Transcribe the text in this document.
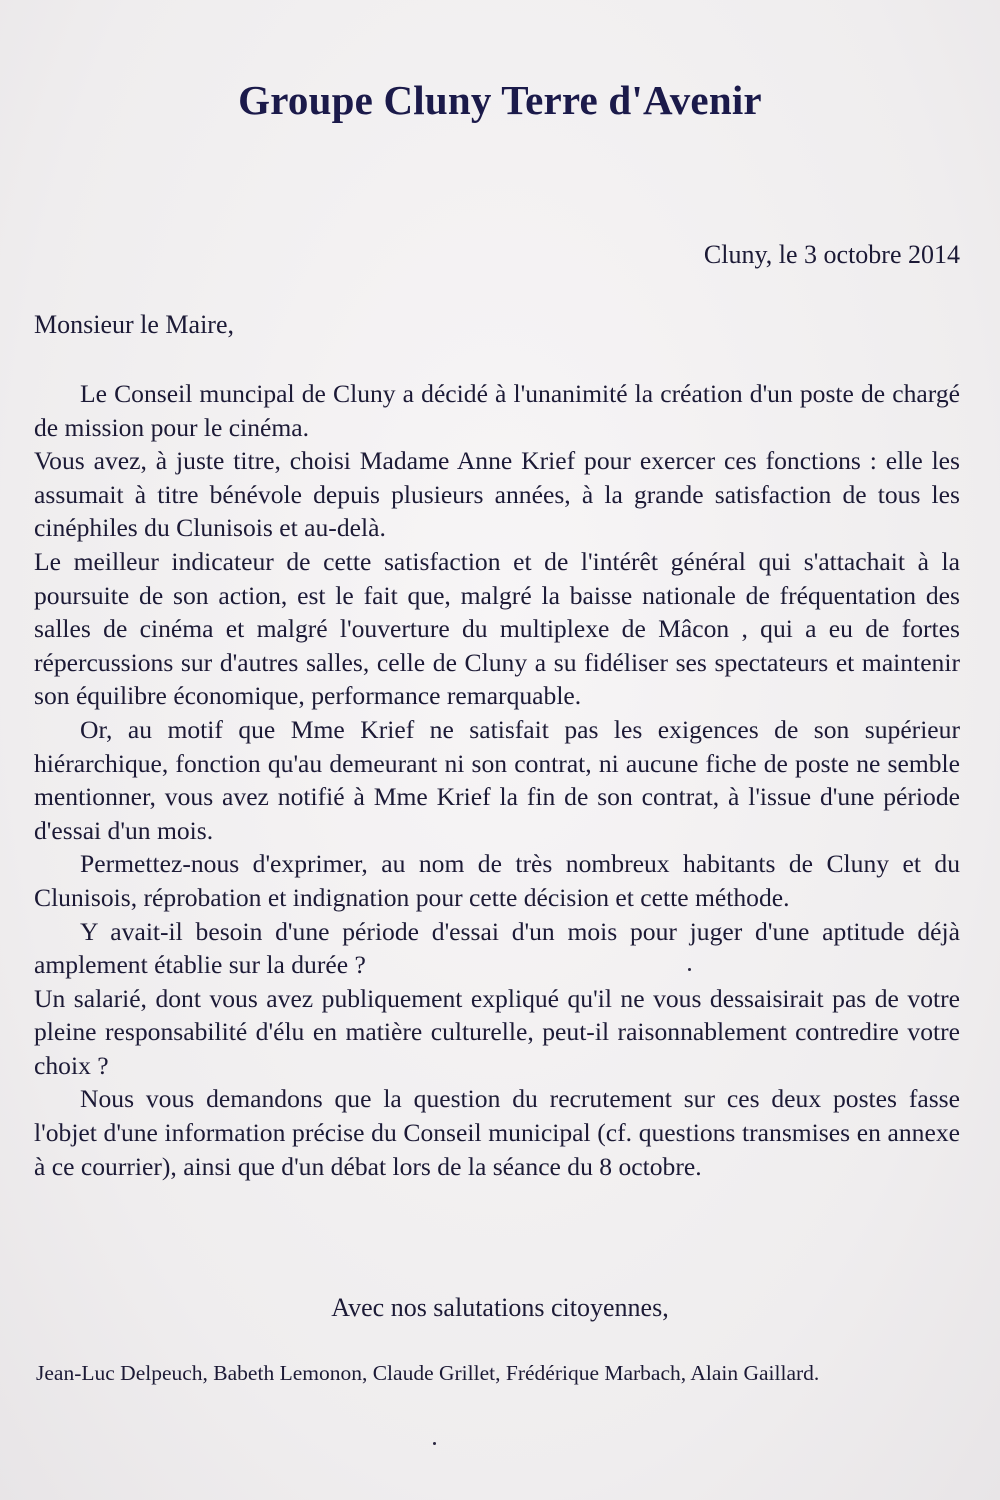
Groupe Cluny Terre d'Avenir

Cluny, le 3 octobre 2014

Monsieur le Maire,

Le Conseil muncipal de Cluny a décidé à l'unanimité la création d'un poste de chargé de mission pour le cinéma.

Vous avez, à juste titre, choisi Madame Anne Krief pour exercer ces fonctions : elle les assumait à titre bénévole depuis plusieurs années, à la grande satisfaction de tous les cinéphiles du Clunisois et au-delà.

Le meilleur indicateur de cette satisfaction et de l'intérêt général qui s'attachait à la poursuite de son action, est le fait que, malgré la baisse nationale de fréquentation des salles de cinéma et malgré l'ouverture du multiplexe de Mâcon , qui a eu de fortes répercussions sur d'autres salles, celle de Cluny a su fidéliser ses spectateurs et maintenir son équilibre économique, performance remarquable.

Or, au motif que Mme Krief ne satisfait pas les exigences de son supérieur hiérarchique, fonction qu'au demeurant ni son contrat, ni aucune fiche de poste ne semble mentionner, vous avez notifié à Mme Krief la fin de son contrat, à l'issue d'une période d'essai d'un mois.

Permettez-nous d'exprimer, au nom de très nombreux habitants de Cluny et du Clunisois, réprobation et indignation pour cette décision et cette méthode.

Y avait-il besoin d'une période d'essai d'un mois pour juger d'une aptitude déjà amplement établie sur la durée ?

Un salarié, dont vous avez publiquement expliqué qu'il ne vous dessaisirait pas de votre pleine responsabilité d'élu en matière culturelle, peut-il raisonnablement contredire votre choix ?

Nous vous demandons que la question du recrutement sur ces deux postes fasse l'objet d'une information précise du Conseil municipal (cf. questions transmises en annexe à ce courrier), ainsi que d'un débat lors de la séance du 8 octobre.

Avec nos salutations citoyennes,

Jean-Luc Delpeuch, Babeth Lemonon, Claude Grillet, Frédérique Marbach, Alain Gaillard.
